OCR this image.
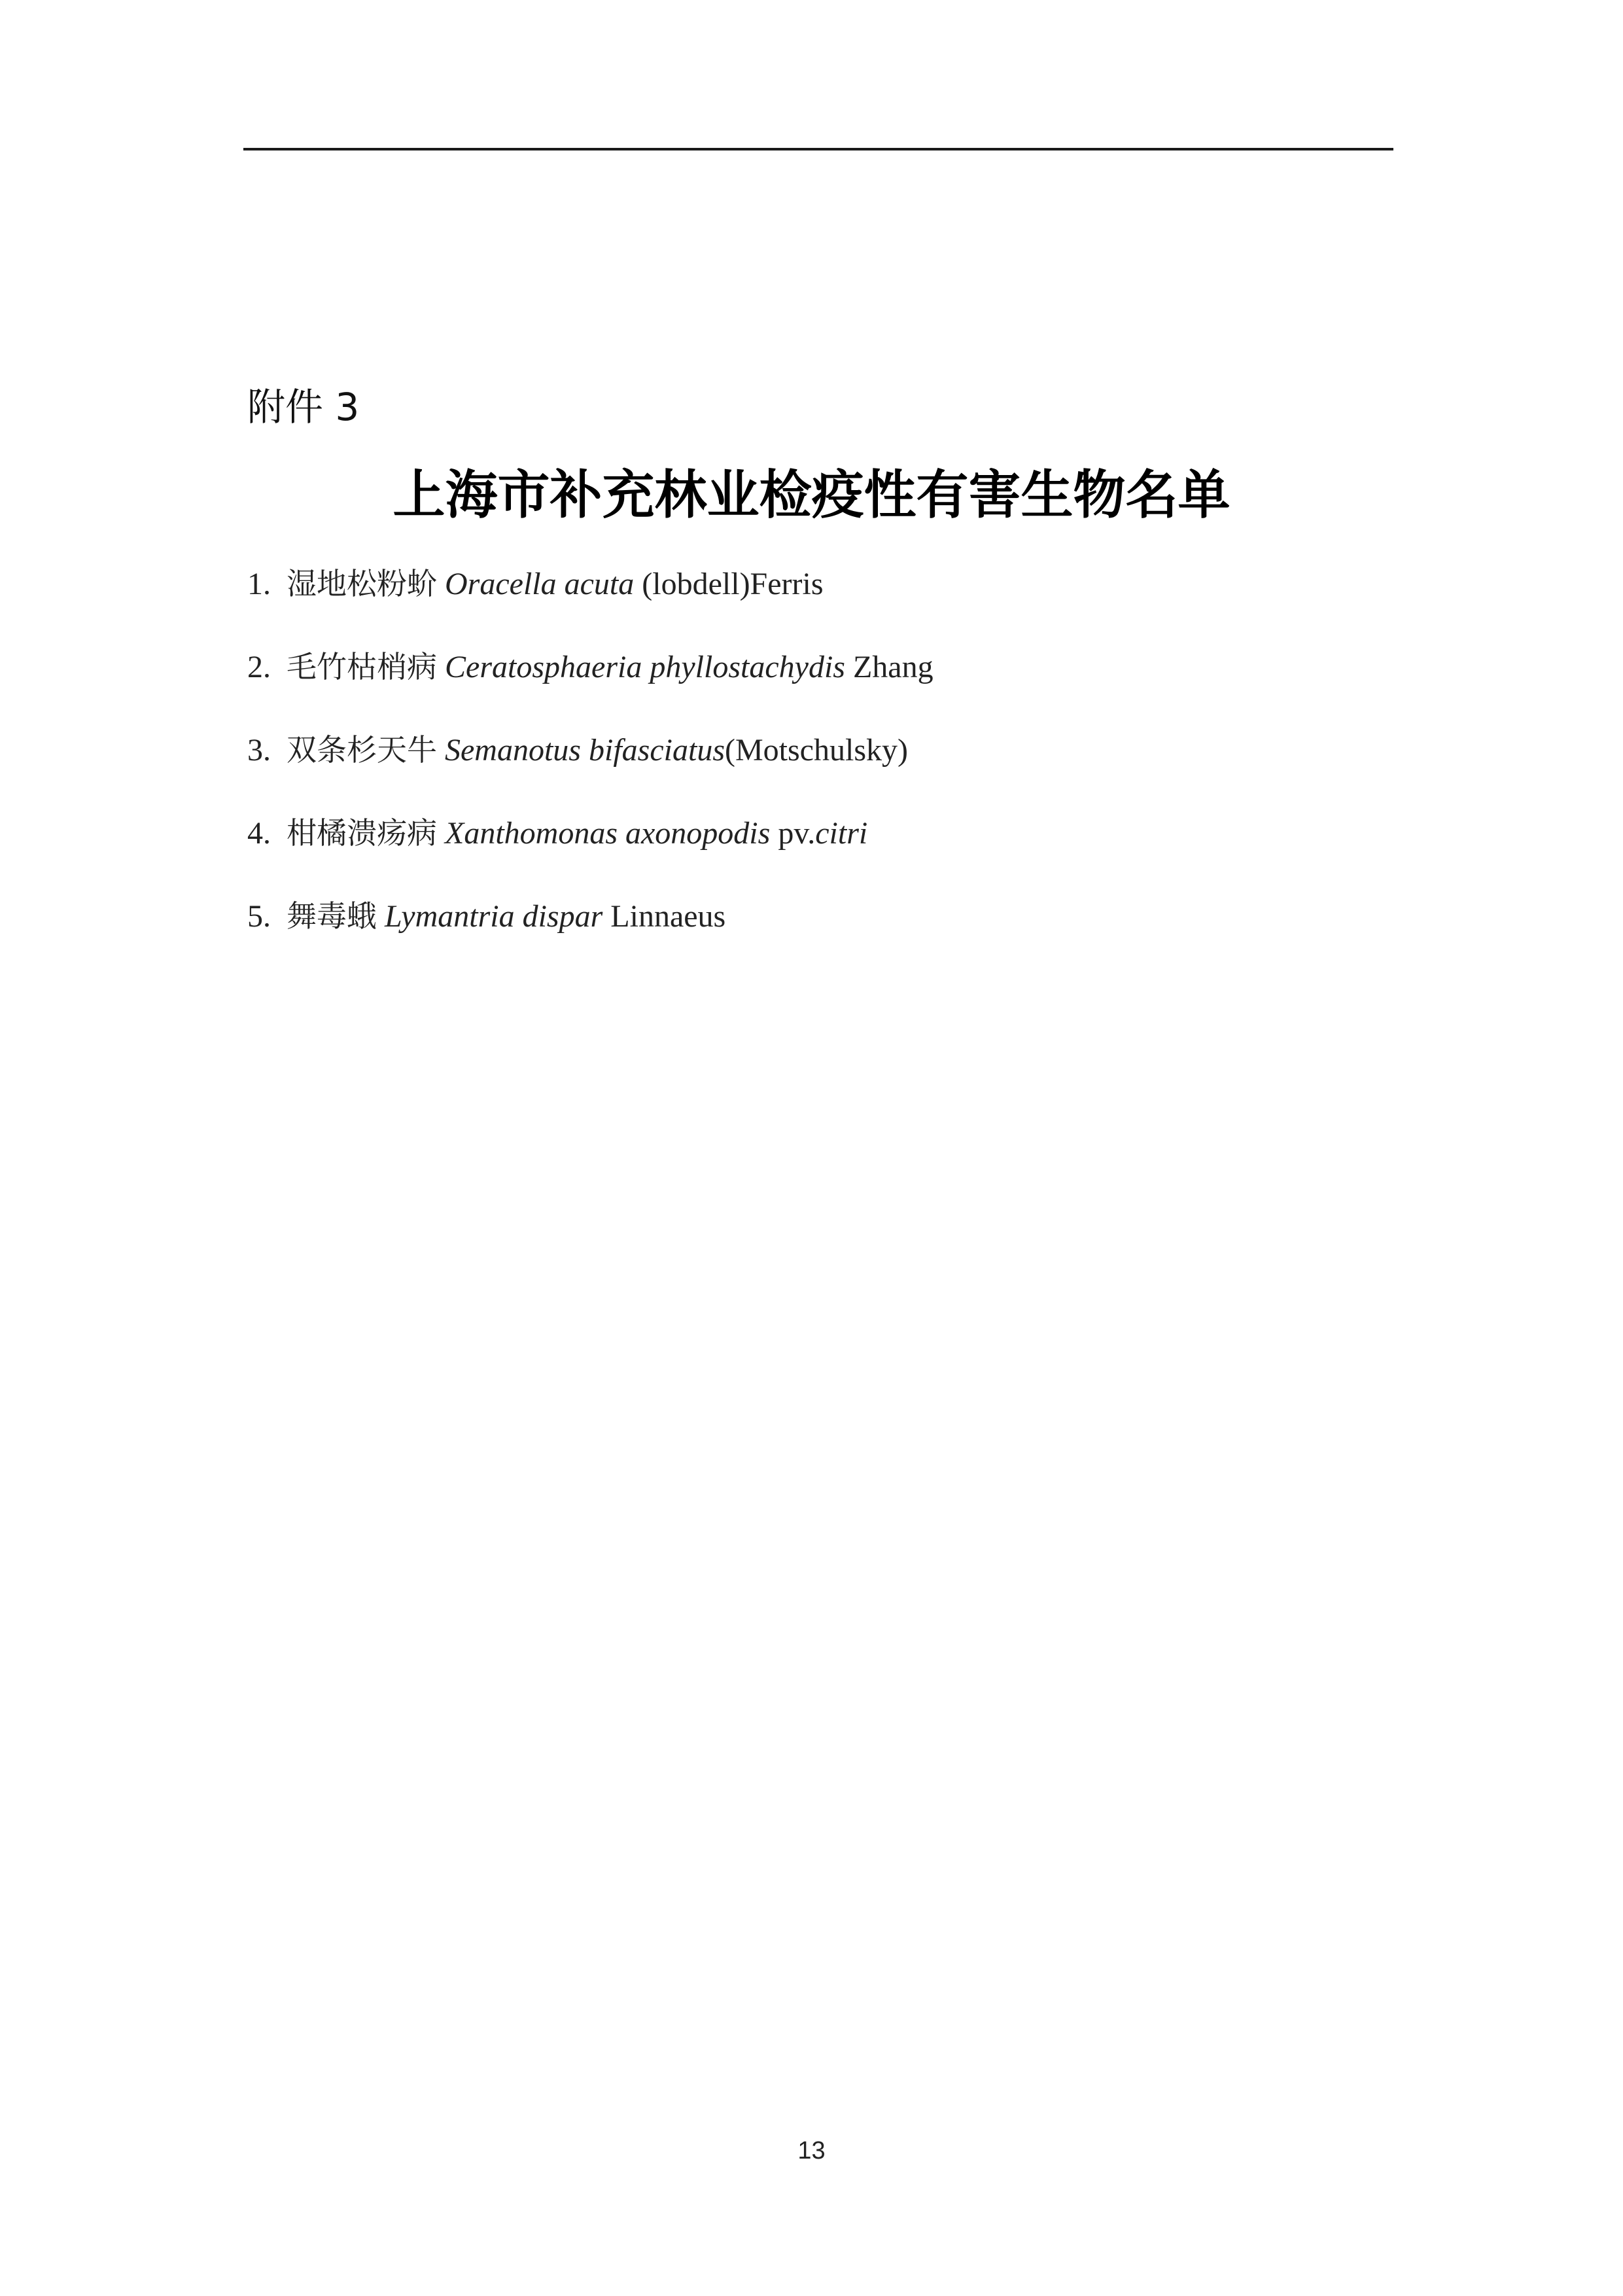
附件 3
上海市补充林业检疫性有害生物名单
1. 湿地松粉蚧 Oracella acuta (lobdell)Ferris
2. 毛竹枯梢病 Ceratosphaeria phyllostachydis Zhang
3. 双条杉天牛 Semanotus bifasciatus(Motschulsky)
4. 柑橘溃疡病 Xanthomonas axonopodis pv.citri
5. 舞毒蛾 Lymantria dispar Linnaeus
13
